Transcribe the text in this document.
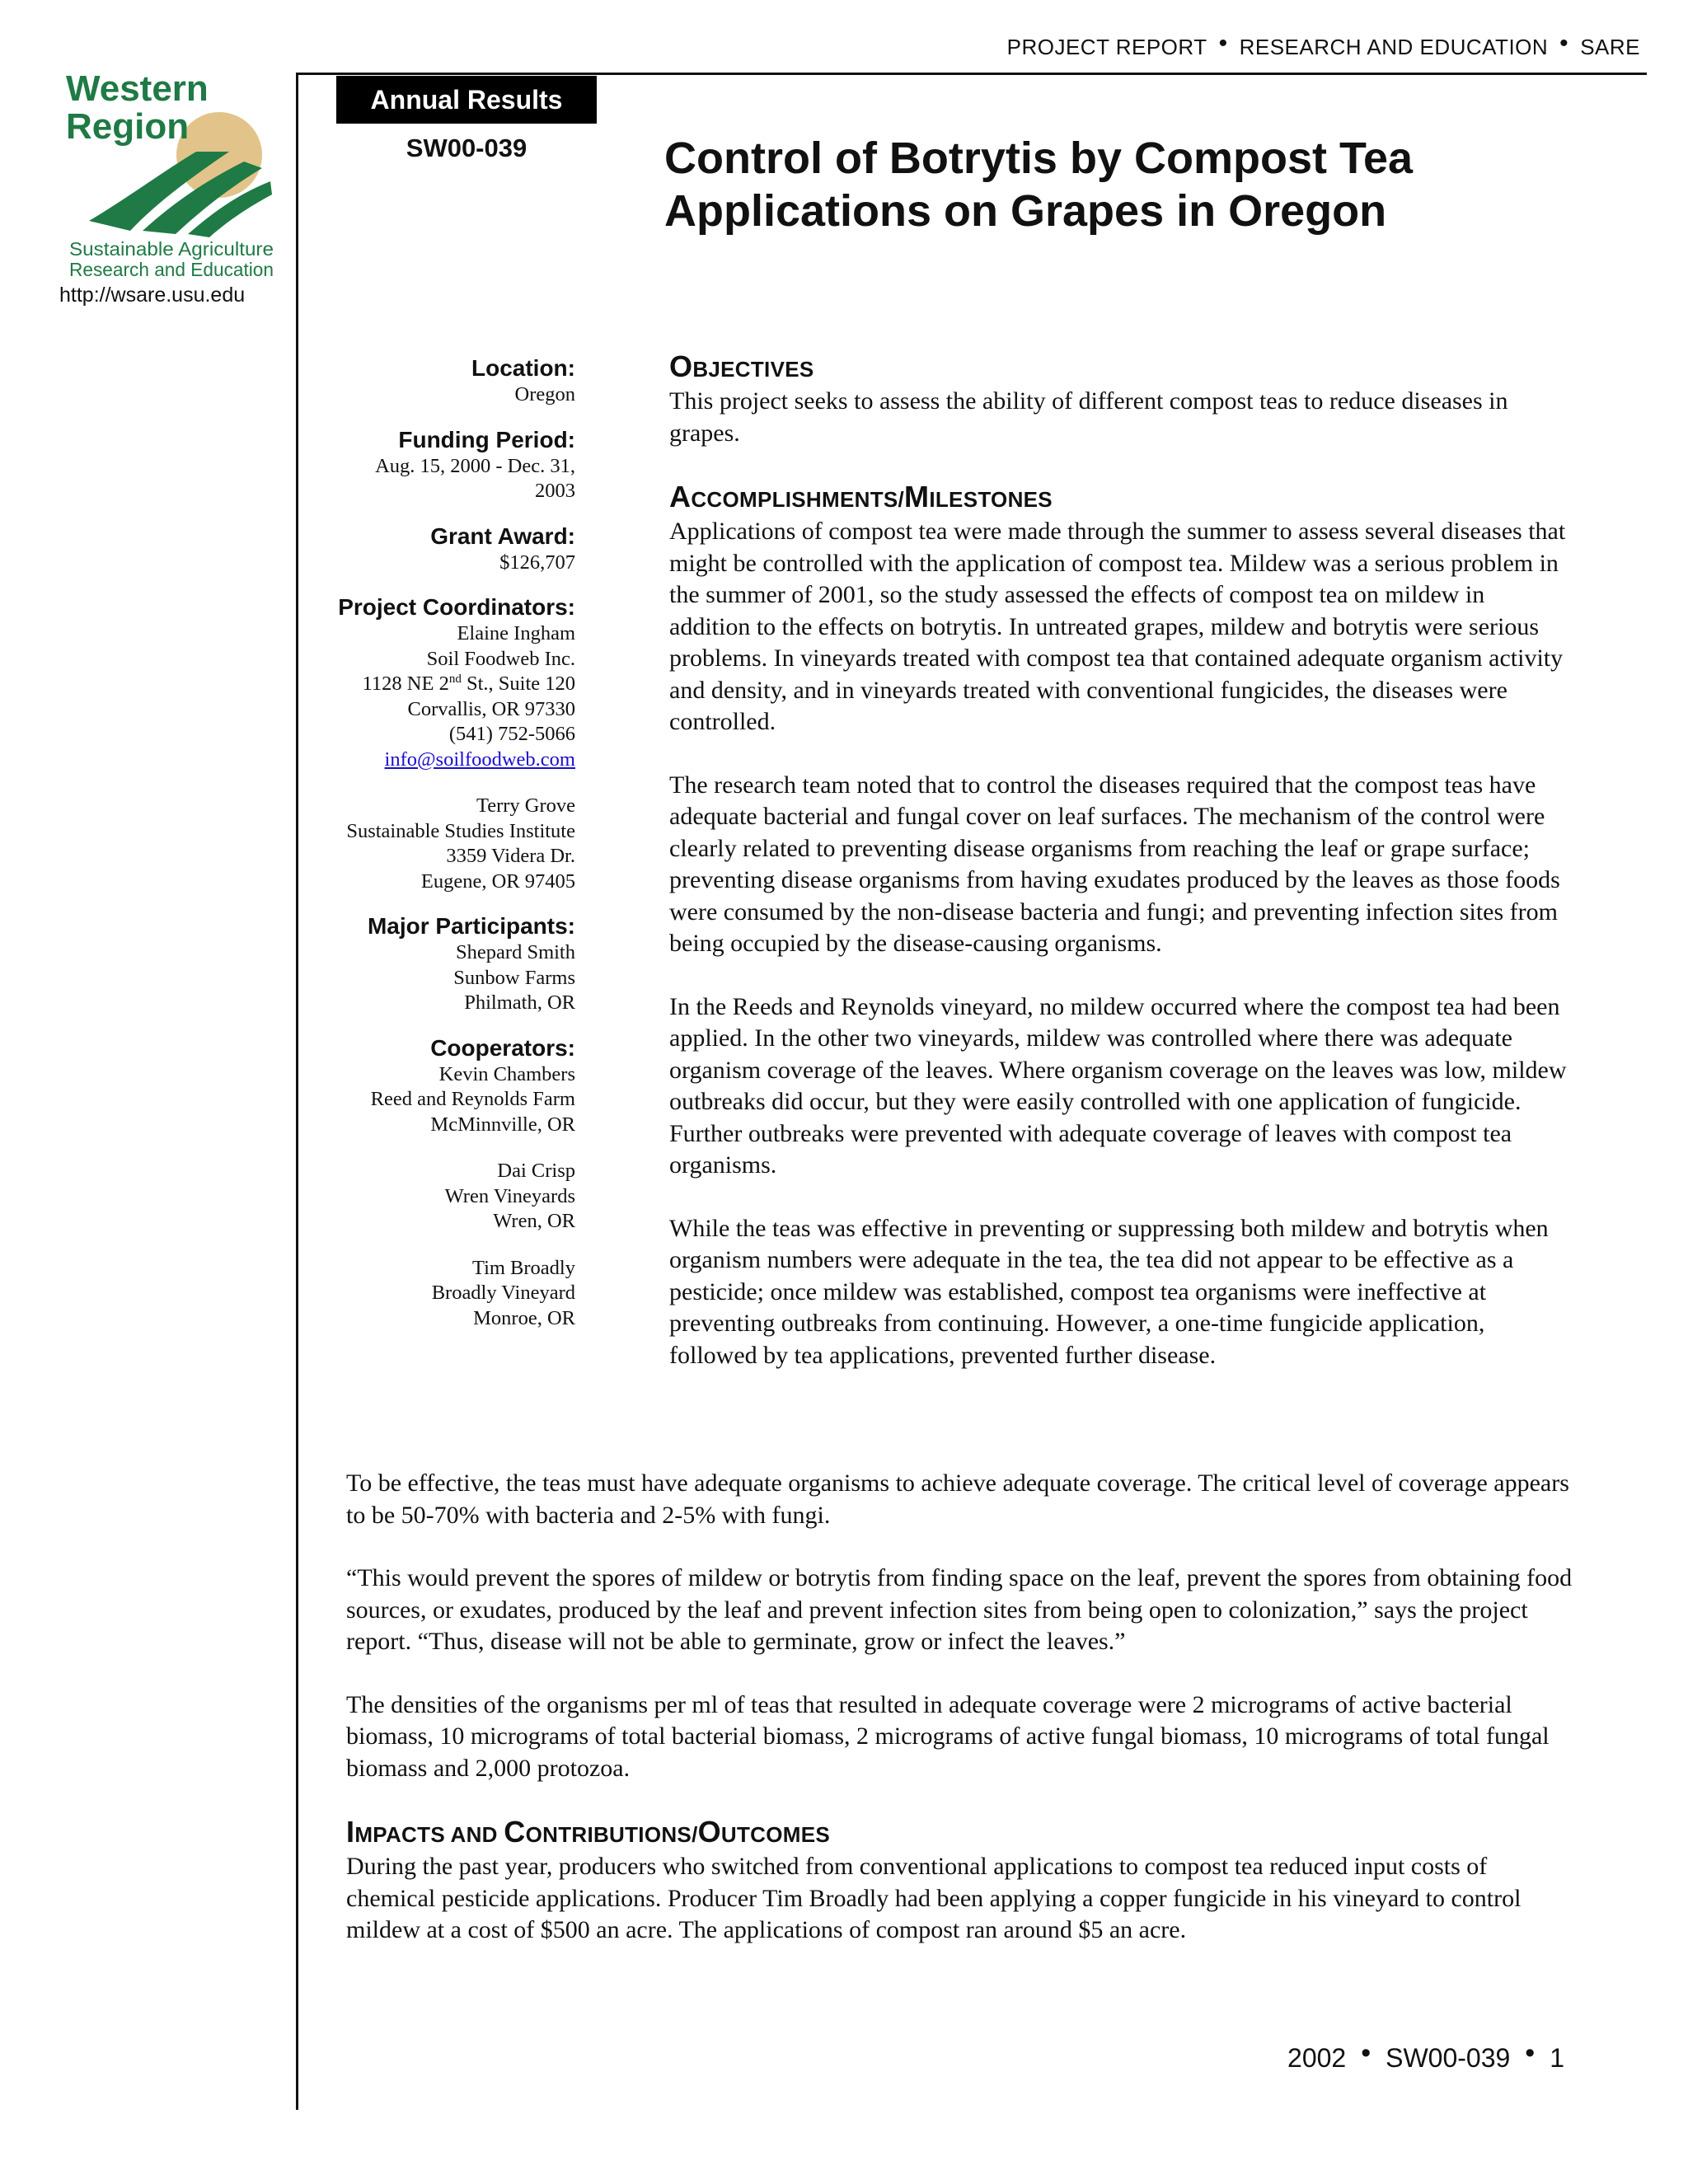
PROJECT REPORT • RESEARCH AND EDUCATION • SARE
Western
Region
Sustainable Agriculture
Research and Education
http://wsare.usu.edu
Annual Results
SW00-039	Control of Botrytis by Compost Tea
Applications on Grapes in Oregon
Location:
Oregon
Funding Period:
Aug. 15, 2000 - Dec. 31,
2003
Grant Award:
$126,707
Project Coordinators:
Elaine Ingham
Soil Foodweb Inc.
1128 NE 2nd St., Suite 120
Corvallis, OR 97330
(541) 752-5066
info@soilfoodweb.com
Terry Grove
Sustainable Studies Institute
3359 Videra Dr.
Eugene, OR 97405
Major Participants:
Shepard Smith
Sunbow Farms
Philmath, OR
Cooperators:
Kevin Chambers
Reed and Reynolds Farm
McMinnville, OR
Dai Crisp
Wren Vineyards
Wren, OR
Tim Broadly
Broadly Vineyard
Monroe, OR
OBJECTIVES

This project seeks to assess the ability of different compost teas to reduce diseases in grapes.

ACCOMPLISHMENTS/MILESTONES

Applications of compost tea were made through the summer to assess several diseases that might be controlled with the application of compost tea. Mildew was a serious problem in the summer of 2001, so the study assessed the effects of compost tea on mildew in addition to the effects on botrytis. In untreated grapes, mildew and botrytis were serious problems. In vineyards treated with compost tea that contained adequate organism activity and density, and in vineyards treated with conventional fungicides, the diseases were controlled.

The research team noted that to control the diseases required that the compost teas have adequate bacterial and fungal cover on leaf surfaces. The mechanism of the control were clearly related to preventing disease organisms from reaching the leaf or grape surface; preventing disease organisms from having exudates produced by the leaves as those foods were consumed by the non-disease bacteria and fungi; and preventing infection sites from being occupied by the disease-causing organisms.

In the Reeds and Reynolds vineyard, no mildew occurred where the compost tea had been applied. In the other two vineyards, mildew was controlled where there was adequate organism coverage of the leaves. Where organism coverage on the leaves was low, mildew outbreaks did occur, but they were easily controlled with one application of fungicide. Further outbreaks were prevented with adequate coverage of leaves with compost tea organisms.

While the teas was effective in preventing or suppressing both mildew and botrytis when organism numbers were adequate in the tea, the tea did not appear to be effective as a pesticide; once mildew was established, compost tea organisms were ineffective at preventing outbreaks from continuing. However, a one-time fungicide application, followed by tea applications, prevented further disease.

To be effective, the teas must have adequate organisms to achieve adequate coverage. The critical level of coverage appears to be 50-70% with bacteria and 2-5% with fungi.

“This would prevent the spores of mildew or botrytis from finding space on the leaf, prevent the spores from obtaining food sources, or exudates, produced by the leaf and prevent infection sites from being open to colonization,” says the project report. “Thus, disease will not be able to germinate, grow or infect the leaves.”

The densities of the organisms per ml of teas that resulted in adequate coverage were 2 micrograms of active bacterial biomass, 10 micrograms of total bacterial biomass, 2 micrograms of active fungal biomass, 10 micrograms of total fungal biomass and 2,000 protozoa.

IMPACTS AND CONTRIBUTIONS/OUTCOMES

During the past year, producers who switched from conventional applications to compost tea reduced input costs of chemical pesticide applications. Producer Tim Broadly had been applying a copper fungicide in his vineyard to control mildew at a cost of $500 an acre. The applications of compost ran around $5 an acre.

2002 • SW00-039 • 1
